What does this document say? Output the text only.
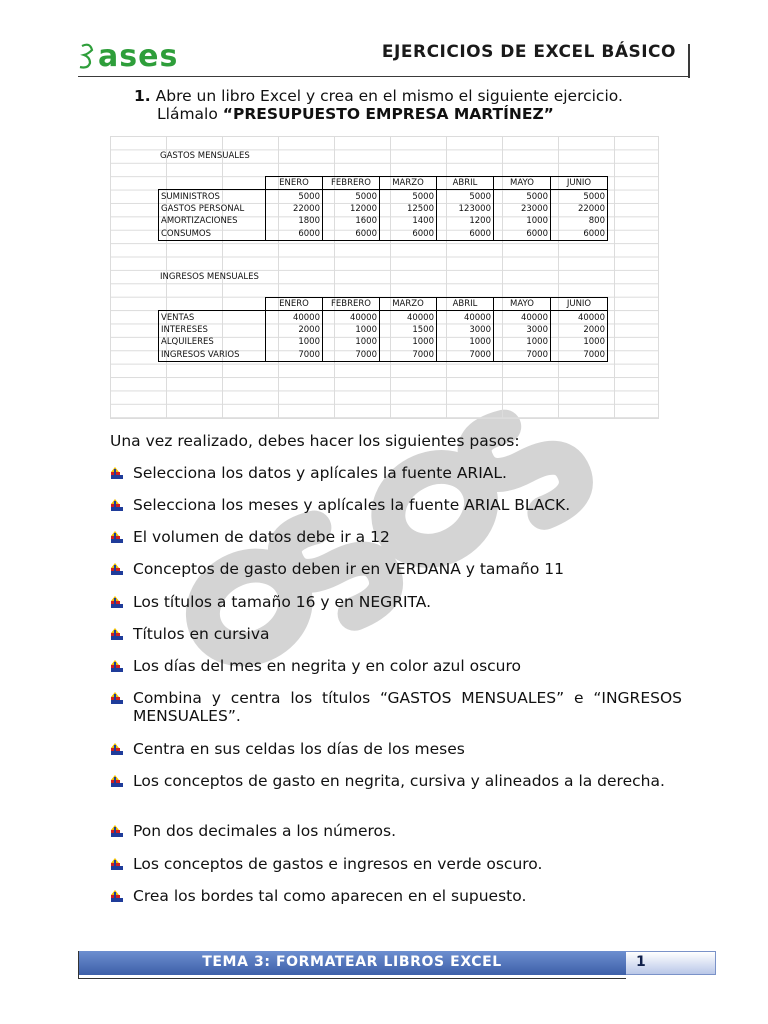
ases	EJERCICIOS DE EXCEL BÁSICO
1. Abre un libro Excel y crea en el mismo el siguiente ejercicio.
Llámalo “PRESUPUESTO EMPRESA MARTÍNEZ”
GASTOS MENSUALES
	ENERO	FEBRERO	MARZO	ABRIL	MAYO	JUNIO
SUMINISTROS	5000	5000	5000	5000	5000	5000
GASTOS PERSONAL	22000	12000	12500	123000	23000	22000
AMORTIZACIONES	1800	1600	1400	1200	1000	800
CONSUMOS	6000	6000	6000	6000	6000	6000
INGRESOS MENSUALES
	ENERO	FEBRERO	MARZO	ABRIL	MAYO	JUNIO
VENTAS	40000	40000	40000	40000	40000	40000
INTERESES	2000	1000	1500	3000	3000	2000
ALQUILERES	1000	1000	1000	1000	1000	1000
INGRESOS VARIOS	7000	7000	7000	7000	7000	7000
Una vez realizado, debes hacer los siguientes pasos:
Selecciona los datos y aplícales la fuente ARIAL.
Selecciona los meses y aplícales la fuente ARIAL BLACK.
El volumen de datos debe ir a 12
Conceptos de gasto deben ir en VERDANA y tamaño 11
Los títulos a tamaño 16 y en NEGRITA.
Títulos en cursiva
Los días del mes en negrita y en color azul oscuro
Combina y centra los títulos “GASTOS MENSUALES” e “INGRESOS MENSUALES”.
Centra en sus celdas los días de los meses
Los conceptos de gasto en negrita, cursiva y alineados a la derecha.
Pon dos decimales a los números.
Los conceptos de gastos e ingresos en verde oscuro.
Crea los bordes tal como aparecen en el supuesto.
TEMA 3: FORMATEAR LIBROS EXCEL	1
